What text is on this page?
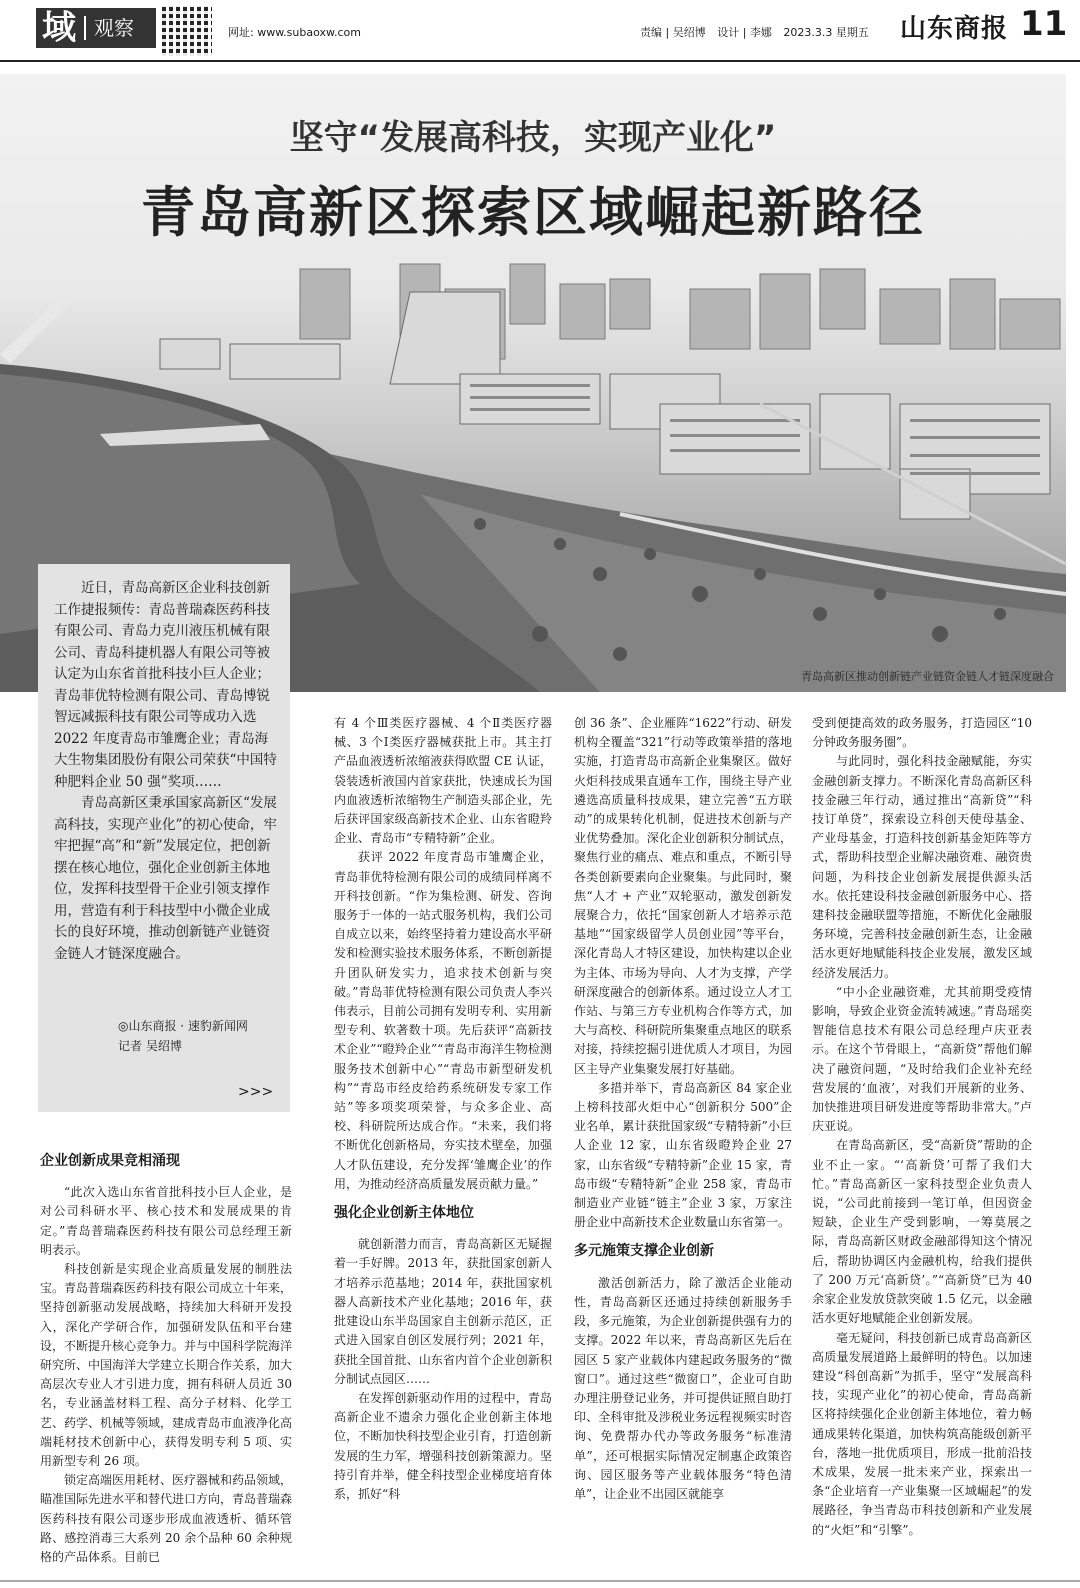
域 观察	网址: www.subaoxw.com	责编 | 吴绍博 设计 | 李娜 2023.3.3 星期五	山东商报 11
坚守“发展高科技，实现产业化”
青岛高新区探索区域崛起新路径
青岛高新区推动创新链产业链资金链人才链深度融合

近日，青岛高新区企业科技创新工作捷报频传：青岛普瑞森医药科技有限公司、青岛力克川液压机械有限公司、青岛科捷机器人有限公司等被认定为山东省首批科技小巨人企业；青岛菲优特检测有限公司、青岛博锐智远减振科技有限公司等成功入选 2022 年度青岛市雏鹰企业；青岛海大生物集团股份有限公司荣获“中国特种肥料企业 50 强”奖项……

青岛高新区秉承国家高新区“发展高科技，实现产业化”的初心使命，牢牢把握“高”和“新”发展定位，把创新摆在核心地位，强化企业创新主体地位，发挥科技型骨干企业引领支撑作用，营造有利于科技型中小微企业成长的良好环境，推动创新链产业链资金链人才链深度融合。

◎山东商报 · 速豹新闻网
记者 吴绍博
>>>
企业创新成果竞相涌现

“此次入选山东省首批科技小巨人企业，是对公司科研水平、核心技术和发展成果的肯定。”青岛普瑞森医药科技有限公司总经理王新明表示。

科技创新是实现企业高质量发展的制胜法宝。青岛普瑞森医药科技有限公司成立十年来，坚持创新驱动发展战略，持续加大科研开发投入，深化产学研合作，加强研发队伍和平台建设，不断提升核心竞争力。并与中国科学院海洋研究所、中国海洋大学建立长期合作关系，加大高层次专业人才引进力度，拥有科研人员近 30 名，专业涵盖材料工程、高分子材料、化学工艺、药学、机械等领域，建成青岛市血液净化高端耗材技术创新中心，获得发明专利 5 项、实用新型专利 26 项。

锁定高端医用耗材、医疗器械和药品领域，瞄准国际先进水平和替代进口方向，青岛普瑞森医药科技有限公司逐步形成血液透析、循环管路、感控消毒三大系列 20 余个品种 60 余种规格的产品体系。目前已

有 4 个Ⅲ类医疗器械、4 个Ⅱ类医疗器械、3 个Ⅰ类医疗器械获批上市。其主打产品血液透析浓缩液获得欧盟 CE 认证，袋装透析液国内首家获批，快速成长为国内血液透析浓缩物生产制造头部企业，先后获评国家级高新技术企业、山东省瞪羚企业、青岛市“专精特新”企业。

获评 2022 年度青岛市雏鹰企业，青岛菲优特检测有限公司的成绩同样离不开科技创新。“作为集检测、研发、咨询服务于一体的一站式服务机构，我们公司自成立以来，始终坚持着力建设高水平研发和检测实验技术服务体系，不断创新提升团队研发实力，追求技术创新与突破。”青岛菲优特检测有限公司负责人李兴伟表示，目前公司拥有发明专利、实用新型专利、软著数十项。先后获评“高新技术企业”“瞪羚企业”“青岛市海洋生物检测服务技术创新中心”“青岛市新型研发机构”“青岛市经皮给药系统研发专家工作站”等多项奖项荣誉，与众多企业、高校、科研院所达成合作。“未来，我们将不断优化创新格局，夯实技术壁垒，加强人才队伍建设，充分发挥‘雏鹰企业’的作用，为推动经济高质量发展贡献力量。”

强化企业创新主体地位

就创新潜力而言，青岛高新区无疑握着一手好牌。2013 年，获批国家创新人才培养示范基地；2014 年，获批国家机器人高新技术产业化基地；2016 年，获批建设山东半岛国家自主创新示范区，正式进入国家自创区发展行列；2021 年，获批全国首批、山东省内首个企业创新积分制试点园区……

在发挥创新驱动作用的过程中，青岛高新企业不遗余力强化企业创新主体地位，不断加快科技型企业引育，打造创新发展的生力军，增强科技创新策源力。坚持引育并举，健全科技型企业梯度培育体系，抓好“科

创 36 条”、企业雁阵“1622”行动、研发机构全覆盖“321”行动等政策举措的落地实施，打造青岛市高新企业集聚区。做好火炬科技成果直通车工作，围绕主导产业遴选高质量科技成果，建立完善“五方联动”的成果转化机制，促进技术创新与产业优势叠加。深化企业创新积分制试点，聚焦行业的痛点、难点和重点，不断引导各类创新要素向企业聚集。与此同时，聚焦“人才 + 产业”双轮驱动，激发创新发展聚合力，依托“国家创新人才培养示范基地”“国家级留学人员创业园”等平台，深化青岛人才特区建设，加快构建以企业为主体、市场为导向、人才为支撑，产学研深度融合的创新体系。通过设立人才工作站、与第三方专业机构合作等方式，加大与高校、科研院所集聚重点地区的联系对接，持续挖掘引进优质人才项目，为园区主导产业集聚发展打好基础。

多措并举下，青岛高新区 84 家企业上榜科技部火炬中心“创新积分 500”企业名单，累计获批国家级“专精特新”小巨人企业 12 家，山东省级瞪羚企业 27 家，山东省级“专精特新”企业 15 家，青岛市级“专精特新”企业 258 家，青岛市制造业产业链“链主”企业 3 家，万家注册企业中高新技术企业数量山东省第一。

多元施策支撑企业创新

激活创新活力，除了激活企业能动性，青岛高新区还通过持续创新服务手段，多元施策，为企业创新提供强有力的支撑。2022 年以来，青岛高新区先后在园区 5 家产业载体内建起政务服务的“微窗口”。通过这些“微窗口”，企业可自助办理注册登记业务，并可提供证照自助打印、全科审批及涉税业务远程视频实时咨询、免费帮办代办等政务服务“标准清单”，还可根据实际情况定制惠企政策咨询、园区服务等产业载体服务“特色清单”，让企业不出园区就能享

受到便捷高效的政务服务，打造园区“10 分钟政务服务圈”。

与此同时，强化科技金融赋能，夯实金融创新支撑力。不断深化青岛高新区科技金融三年行动，通过推出“高新贷”“科技订单贷”，探索设立科创天使母基金、产业母基金，打造科技创新基金矩阵等方式，帮助科技型企业解决融资难、融资贵问题，为科技企业创新发展提供源头活水。依托建设科技金融创新服务中心、搭建科技金融联盟等措施，不断优化金融服务环境，完善科技金融创新生态，让金融活水更好地赋能科技企业发展，激发区域经济发展活力。

“中小企业融资难，尤其前期受疫情影响，导致企业资金流转减速。”青岛瑶奕智能信息技术有限公司总经理卢庆亚表示。在这个节骨眼上，“高新贷”帮他们解决了融资问题，“及时给我们企业补充经营发展的‘血液’，对我们开展新的业务、加快推进项目研发进度等帮助非常大。”卢庆亚说。

在青岛高新区，受“高新贷”帮助的企业不止一家。“‘高新贷’可帮了我们大忙。”青岛高新区一家科技型企业负责人说，“公司此前接到一笔订单，但因资金短缺，企业生产受到影响，一筹莫展之际，青岛高新区财政金融部得知这个情况后，帮助协调区内金融机构，给我们提供了 200 万元‘高新贷’。”“高新贷”已为 40 余家企业发放贷款突破 1.5 亿元，以金融活水更好地赋能企业创新发展。

毫无疑问，科技创新已成青岛高新区高质量发展道路上最鲜明的特色。以加速建设“科创高新”为抓手，坚守“发展高科技，实现产业化”的初心使命，青岛高新区将持续强化企业创新主体地位，着力畅通成果转化渠道，加快构筑高能级创新平台，落地一批优质项目，形成一批前沿技术成果，发展一批未来产业，探索出一条“企业培育一产业集聚一区域崛起”的发展路径，争当青岛市科技创新和产业发展的“火炬”和“引擎”。
